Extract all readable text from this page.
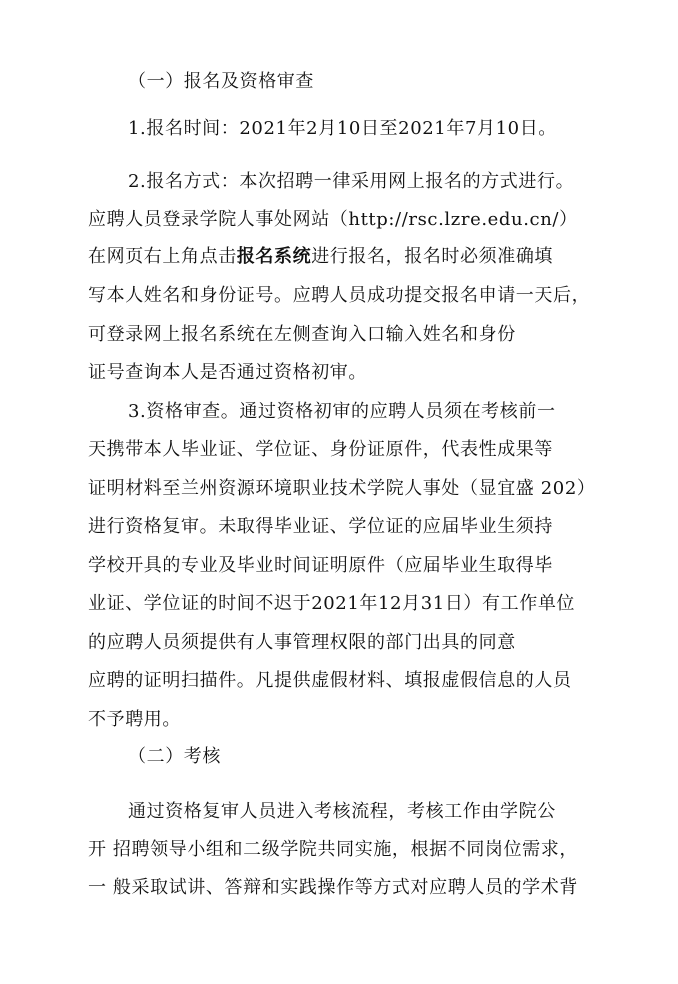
（一）报名及资格审查
1.报名时间：2021年2月10日至2021年7月10日。
2.报名方式：本次招聘一律采用网上报名的方式进行。
应聘人员登录学院人事处网站（http://rsc.lzre.edu.cn/）
在网页右上角点击报名系统进行报名，报名时必须准确填
写本人姓名和身份证号。应聘人员成功提交报名申请一天后，
可登录网上报名系统在左侧查询入口输入姓名和身份
证号查询本人是否通过资格初审。
3.资格审查。通过资格初审的应聘人员须在考核前一
天携带本人毕业证、学位证、身份证原件，代表性成果等
证明材料至兰州资源环境职业技术学院人事处（显宜盛 202）
进行资格复审。未取得毕业证、学位证的应届毕业生须持
学校开具的专业及毕业时间证明原件（应届毕业生取得毕
业证、学位证的时间不迟于2021年12月31日）有工作单位
的应聘人员须提供有人事管理权限的部门出具的同意
应聘的证明扫描件。凡提供虚假材料、填报虚假信息的人员
不予聘用。
（二）考核
通过资格复审人员进入考核流程，考核工作由学院公
开 招聘领导小组和二级学院共同实施，根据不同岗位需求，
一 般采取试讲、答辩和实践操作等方式对应聘人员的学术背
